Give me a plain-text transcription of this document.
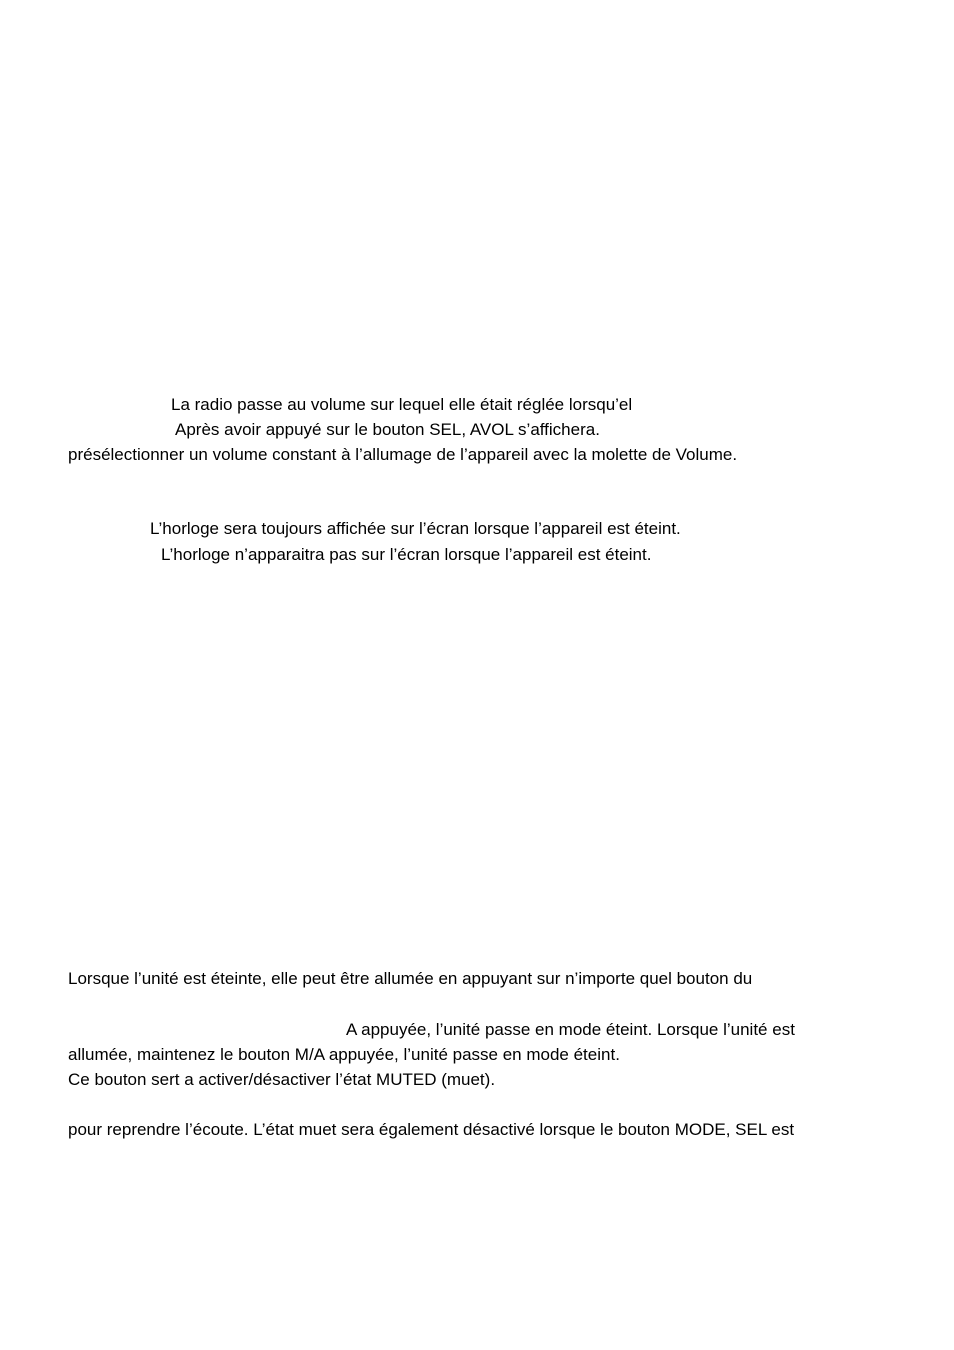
La radio passe au volume sur lequel elle était réglée lorsqu’el

Après avoir appuyé sur le bouton SEL, AVOL s’affichera.

présélectionner un volume constant à l’allumage de l’appareil avec la molette de Volume.

L’horloge sera toujours affichée sur l’écran lorsque l’appareil est éteint.

L’horloge n’apparaitra pas sur l’écran lorsque l’appareil est éteint.

Lorsque l’unité est éteinte, elle peut être allumée en appuyant sur n’importe quel bouton du

A appuyée, l’unité passe en mode éteint. Lorsque l’unité est

allumée, maintenez le bouton M/A appuyée, l’unité passe en mode éteint.

Ce bouton sert a activer/désactiver l’état MUTED (muet).

pour reprendre l’écoute. L’état muet sera également désactivé lorsque le bouton MODE, SEL est
